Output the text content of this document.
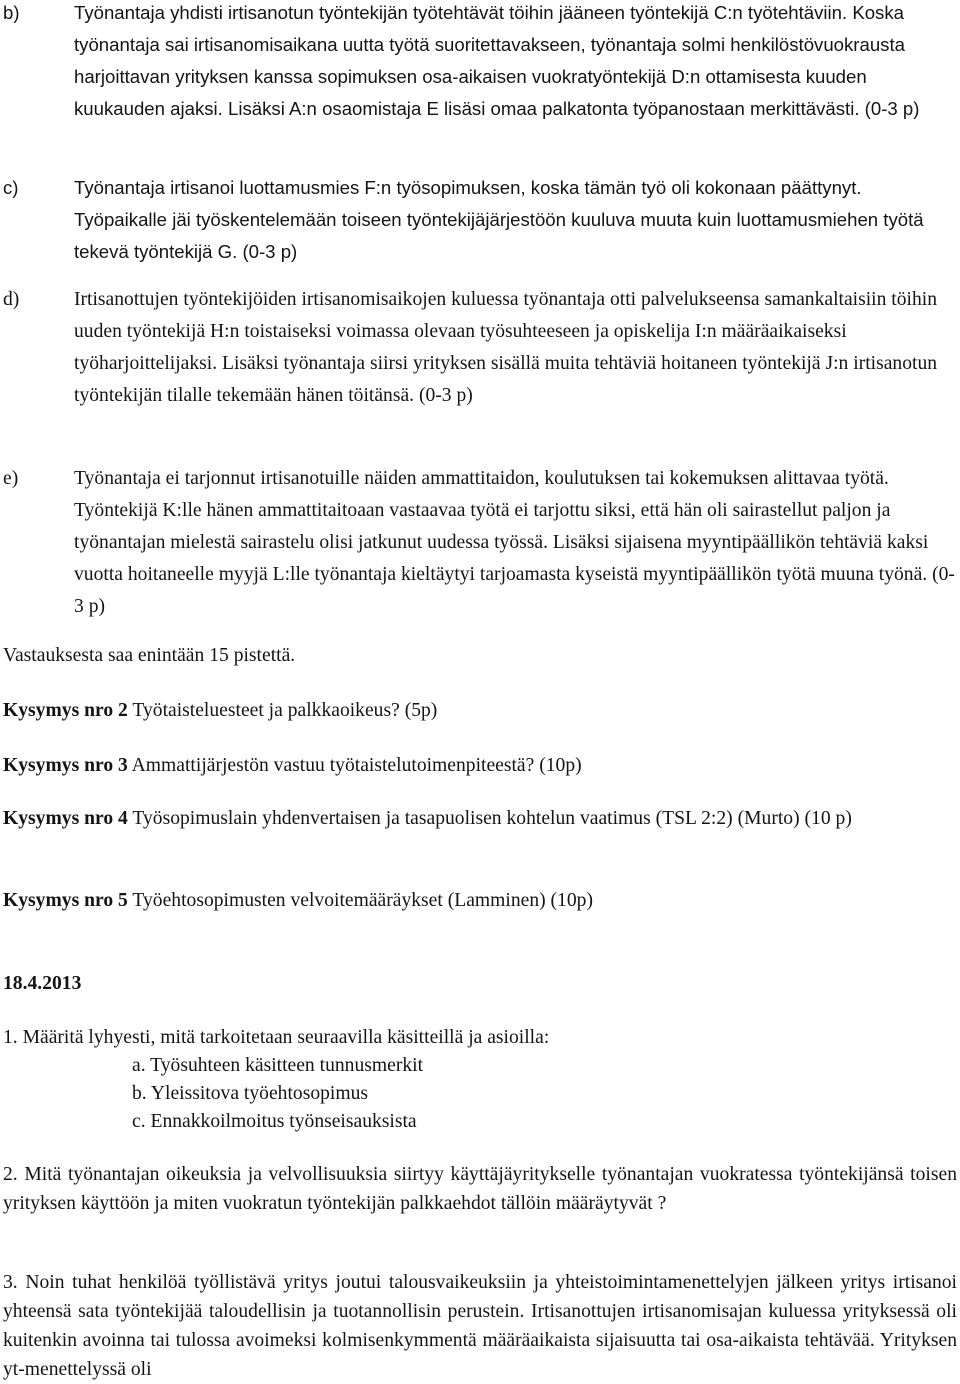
b)	Työnantaja yhdisti irtisanotun työntekijän työtehtävät töihin jääneen työntekijä C:n työtehtäviin. Koska työnantaja sai irtisanomisaikana uutta työtä suoritettavakseen, työnantaja solmi henkilöstövuokrausta harjoittavan yrityksen kanssa sopimuksen osa-aikaisen vuokratyöntekijä D:n ottamisesta kuuden kuukauden ajaksi. Lisäksi A:n osaomistaja E lisäsi omaa palkatonta työpanostaan merkittävästi. (0-3 p)
c)	Työnantaja irtisanoi luottamusmies F:n työsopimuksen, koska tämän työ oli kokonaan päättynyt. Työpaikalle jäi työskentelemään toiseen työntekijäjärjestöön kuuluva muuta kuin luottamusmiehen työtä tekevä työntekijä G. (0-3 p)
d)	Irtisanottujen työntekijöiden irtisanomisaikojen kuluessa työnantaja otti palvelukseensa samankaltaisiin töihin uuden työntekijä H:n toistaiseksi voimassa olevaan työsuhteeseen ja opiskelija I:n määräaikaiseksi työharjoittelijaksi. Lisäksi työnantaja siirsi yrityksen sisällä muita tehtäviä hoitaneen työntekijä J:n irtisanotun työntekijän tilalle tekemään hänen töitänsä. (0-3 p)
e)	Työnantaja ei tarjonnut irtisanotuille näiden ammattitaidon, koulutuksen tai kokemuksen alittavaa työtä. Työntekijä K:lle hänen ammattitaitoaan vastaavaa työtä ei tarjottu siksi, että hän oli sairastellut paljon ja työnantajan mielestä sairastelu olisi jatkunut uudessa työssä. Lisäksi sijaisena myyntipäällikön tehtäviä kaksi vuotta hoitaneelle myyjä L:lle työnantaja kieltäytyi tarjoamasta kyseistä myyntipäällikön työtä muuna työnä. (0-3 p)
Vastauksesta saa enintään 15 pistettä.
Kysymys nro 2 Työtaisteluesteet ja palkkaoikeus? (5p)
Kysymys nro 3 Ammattijärjestön vastuu työtaistelutoimenpiteestä? (10p)
Kysymys nro 4 Työsopimuslain yhdenvertaisen ja tasapuolisen kohtelun vaatimus (TSL 2:2) (Murto) (10 p)
Kysymys nro 5 Työehtosopimusten velvoitemääräykset (Lamminen) (10p)
18.4.2013
1. Määritä lyhyesti, mitä tarkoitetaan seuraavilla käsitteillä ja asioilla:
a. Työsuhteen käsitteen tunnusmerkit
b. Yleissitova työehtosopimus
c. Ennakkoilmoitus työnseisauksista
2. Mitä työnantajan oikeuksia ja velvollisuuksia siirtyy käyttäjäyritykselle työnantajan vuokratessa työntekijänsä toisen yrityksen käyttöön ja miten vuokratun työntekijän palkkaehdot tällöin määräytyvät ?
3. Noin tuhat henkilöä työllistävä yritys joutui talousvaikeuksiin ja yhteistoimintamenettelyjen jälkeen yritys irtisanoi yhteensä sata työntekijää taloudellisin ja tuotannollisin perustein. Irtisanottujen irtisanomisajan kuluessa yrityksessä oli kuitenkin avoinna tai tulossa avoimeksi kolmisenkymmentä määräaikaista sijaisuutta tai osa-aikaista tehtävää. Yrityksen yt-menettelyssä oli
